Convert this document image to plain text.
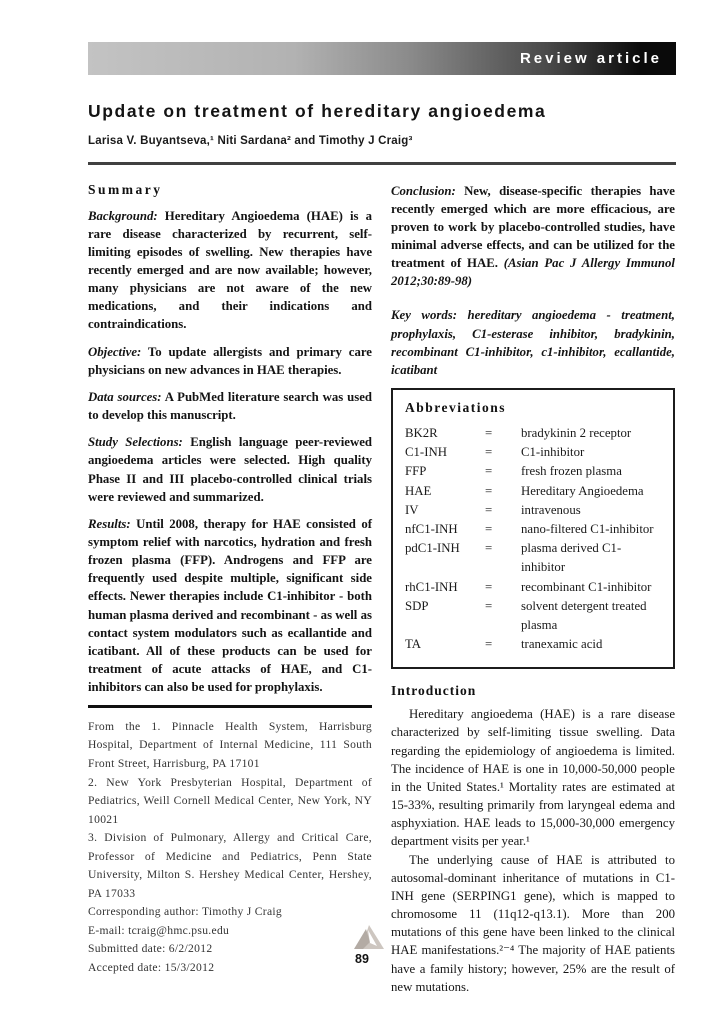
Review article
Update on treatment of hereditary angioedema
Larisa V. Buyantseva,¹ Niti Sardana² and Timothy J Craig³
Summary

Background: Hereditary Angioedema (HAE) is a rare disease characterized by recurrent, self-limiting episodes of swelling. New therapies have recently emerged and are now available; however, many physicians are not aware of the new medications, and their indications and contraindications.

Objective: To update allergists and primary care physicians on new advances in HAE therapies.

Data sources: A PubMed literature search was used to develop this manuscript.

Study Selections: English language peer-reviewed angioedema articles were selected. High quality Phase II and III placebo-controlled clinical trials were reviewed and summarized.

Results: Until 2008, therapy for HAE consisted of symptom relief with narcotics, hydration and fresh frozen plasma (FFP). Androgens and FFP are frequently used despite multiple, significant side effects. Newer therapies include C1-inhibitor - both human plasma derived and recombinant - as well as contact system modulators such as ecallantide and icatibant. All of these products can be used for treatment of acute attacks of HAE, and C1-inhibitors can also be used for prophylaxis.

From the 1. Pinnacle Health System, Harrisburg Hospital, Department of Internal Medicine, 111 South Front Street, Harrisburg, PA 17101

2. New York Presbyterian Hospital, Department of Pediatrics, Weill Cornell Medical Center, New York, NY 10021

3. Division of Pulmonary, Allergy and Critical Care, Professor of Medicine and Pediatrics, Penn State University, Milton S. Hershey Medical Center, Hershey, PA 17033

Corresponding author: Timothy J Craig

E-mail: tcraig@hmc.psu.edu

Submitted date: 6/2/2012

Accepted date: 15/3/2012

Conclusion: New, disease-specific therapies have recently emerged which are more efficacious, are proven to work by placebo-controlled studies, have minimal adverse effects, and can be utilized for the treatment of HAE. (Asian Pac J Allergy Immunol 2012;30:89-98)

Key words: hereditary angioedema - treatment, prophylaxis, C1-esterase inhibitor, bradykinin, recombinant C1-inhibitor, c1-inhibitor, ecallantide, icatibant

Abbreviations
BK2R	=	bradykinin 2 receptor
C1-INH	=	C1-inhibitor
FFP	=	fresh frozen plasma
HAE	=	Hereditary Angioedema
IV	=	intravenous
nfC1-INH	=	nano-filtered C1-inhibitor
pdC1-INH	=	plasma derived C1-inhibitor
rhC1-INH	=	recombinant C1-inhibitor
SDP	=	solvent detergent treated plasma
TA	=	tranexamic acid
Introduction

Hereditary angioedema (HAE) is a rare disease characterized by self-limiting tissue swelling. Data regarding the epidemiology of angioedema is limited. The incidence of HAE is one in 10,000-50,000 people in the United States.¹ Mortality rates are estimated at 15-33%, resulting primarily from laryngeal edema and asphyxiation. HAE leads to 15,000-30,000 emergency department visits per year.¹

The underlying cause of HAE is attributed to autosomal-dominant inheritance of mutations in C1-INH gene (SERPING1 gene), which is mapped to chromosome 11 (11q12-q13.1). More than 200 mutations of this gene have been linked to the clinical HAE manifestations.²⁻⁴ The majority of HAE patients have a family history; however, 25% are the result of new mutations.

89
